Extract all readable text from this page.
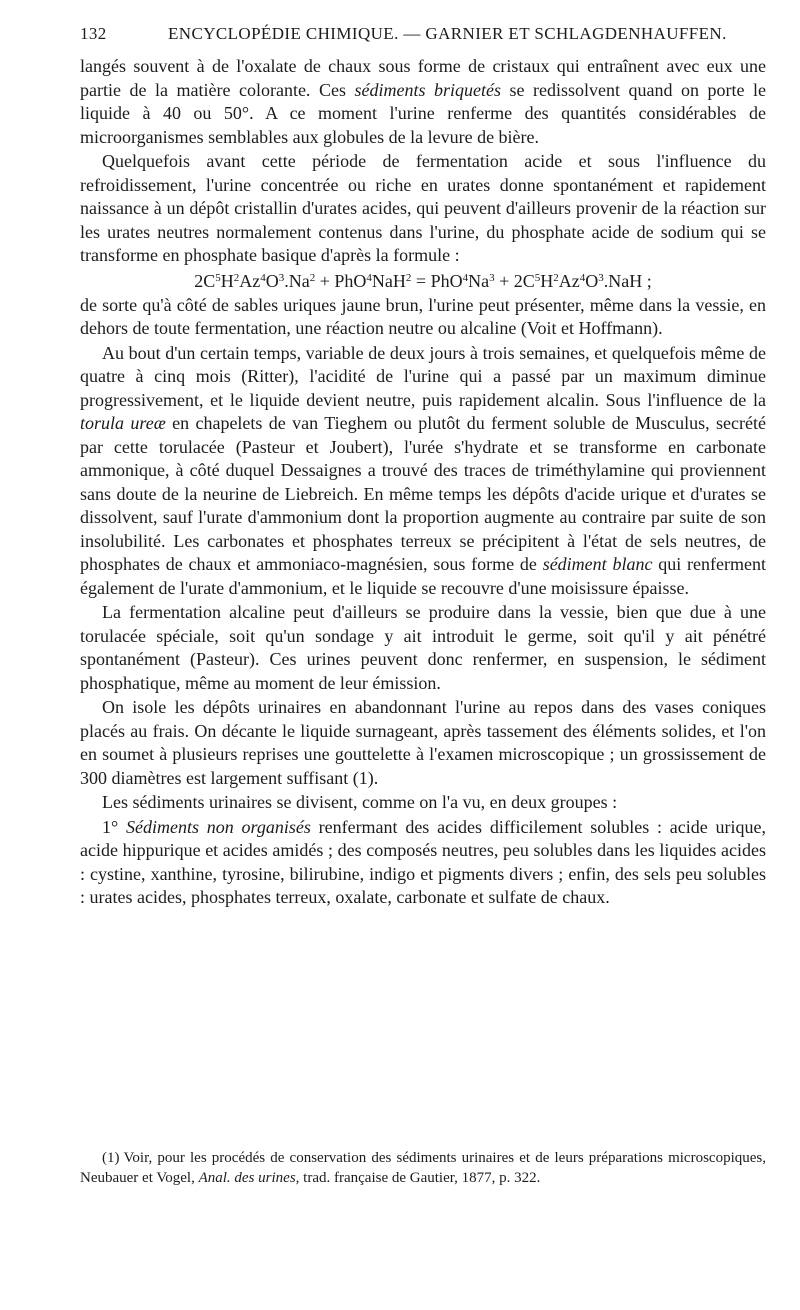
132	ENCYCLOPÉDIE CHIMIQUE. — GARNIER ET SCHLAGDENHAUFFEN.

langés souvent à de l'oxalate de chaux sous forme de cristaux qui entraînent avec eux une partie de la matière colorante. Ces sédiments briquetés se redissolvent quand on porte le liquide à 40 ou 50°. A ce moment l'urine renferme des quantités considérables de microorganismes semblables aux globules de la levure de bière.

Quelquefois avant cette période de fermentation acide et sous l'influence du refroidissement, l'urine concentrée ou riche en urates donne spontanément et rapidement naissance à un dépôt cristallin d'urates acides, qui peuvent d'ailleurs provenir de la réaction sur les urates neutres normalement contenus dans l'urine, du phosphate acide de sodium qui se transforme en phosphate basique d'après la formule :

$2C^5H^2Az^4O^3.Na^2 + PhO^4NaH^2 = PhO^4Na^3 + 2C^5H^2Az^4O^3.NaH$ ;

de sorte qu'à côté de sables uriques jaune brun, l'urine peut présenter, même dans la vessie, en dehors de toute fermentation, une réaction neutre ou alcaline (Voit et Hoffmann).

Au bout d'un certain temps, variable de deux jours à trois semaines, et quelquefois même de quatre à cinq mois (Ritter), l'acidité de l'urine qui a passé par un maximum diminue progressivement, et le liquide devient neutre, puis rapidement alcalin. Sous l'influence de la torula ureæ en chapelets de van Tieghem ou plutôt du ferment soluble de Musculus, secrété par cette torulacée (Pasteur et Joubert), l'urée s'hydrate et se transforme en carbonate ammonique, à côté duquel Dessaignes a trouvé des traces de triméthylamine qui proviennent sans doute de la neurine de Liebreich. En même temps les dépôts d'acide urique et d'urates se dissolvent, sauf l'urate d'ammonium dont la proportion augmente au contraire par suite de son insolubilité. Les carbonates et phosphates terreux se précipitent à l'état de sels neutres, de phosphates de chaux et ammoniaco-magnésien, sous forme de sédiment blanc qui renferment également de l'urate d'ammonium, et le liquide se recouvre d'une moisissure épaisse.

La fermentation alcaline peut d'ailleurs se produire dans la vessie, bien que due à une torulacée spéciale, soit qu'un sondage y ait introduit le germe, soit qu'il y ait pénétré spontanément (Pasteur). Ces urines peuvent donc renfermer, en suspension, le sédiment phosphatique, même au moment de leur émission.

On isole les dépôts urinaires en abandonnant l'urine au repos dans des vases coniques placés au frais. On décante le liquide surnageant, après tassement des éléments solides, et l'on en soumet à plusieurs reprises une gouttelette à l'examen microscopique ; un grossissement de 300 diamètres est largement suffisant (1).

Les sédiments urinaires se divisent, comme on l'a vu, en deux groupes :

1° Sédiments non organisés renfermant des acides difficilement solubles : acide urique, acide hippurique et acides amidés ; des composés neutres, peu solubles dans les liquides acides : cystine, xanthine, tyrosine, bilirubine, indigo et pigments divers ; enfin, des sels peu solubles : urates acides, phosphates terreux, oxalate, carbonate et sulfate de chaux.

(1) Voir, pour les procédés de conservation des sédiments urinaires et de leurs préparations microscopiques, Neubauer et Vogel, Anal. des urines, trad. française de Gautier, 1877, p. 322.
